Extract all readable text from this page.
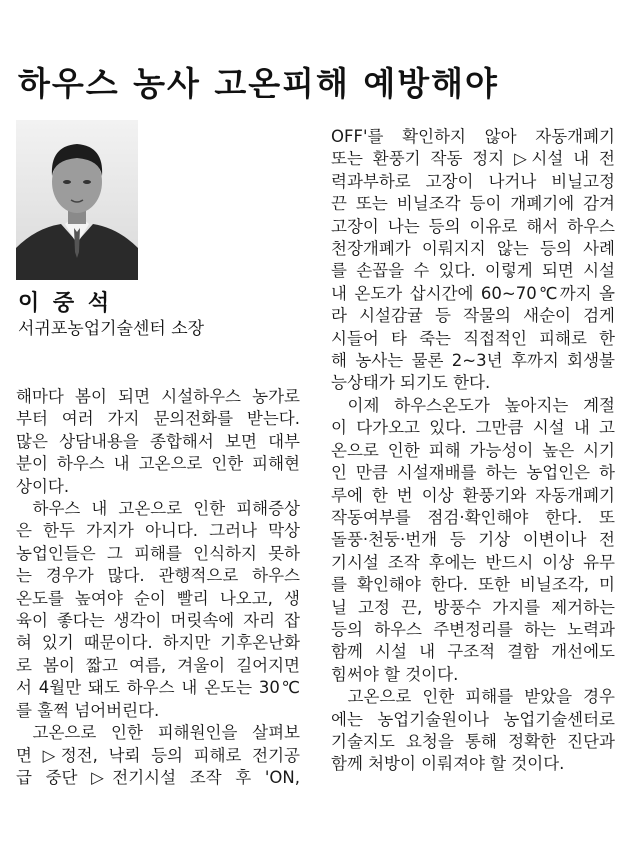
하우스 농사 고온피해 예방해야
이 중 석
서귀포농업기술센터 소장

해마다 봄이 되면 시설하우스 농가로
부터 여러 가지 문의전화를 받는다.
많은 상담내용을 종합해서 보면 대부
분이 하우스 내 고온으로 인한 피해현
상이다.

하우스 내 고온으로 인한 피해증상
은 한두 가지가 아니다. 그러나 막상
농업인들은 그 피해를 인식하지 못하
는 경우가 많다. 관행적으로 하우스
온도를 높여야 순이 빨리 나오고, 생
육이 좋다는 생각이 머릿속에 자리 잡
혀 있기 때문이다. 하지만 기후온난화
로 봄이 짧고 여름, 겨울이 길어지면
서 4월만 돼도 하우스 내 온도는 30℃
를 훌쩍 넘어버린다.

고온으로 인한 피해원인을 살펴보
면 ▷정전, 낙뢰 등의 피해로 전기공
급 중단 ▷전기시설 조작 후 'ON,

OFF'를 확인하지 않아 자동개폐기
또는 환풍기 작동 정지 ▷시설 내 전
력과부하로 고장이 나거나 비닐고정
끈 또는 비닐조각 등이 개폐기에 감겨
고장이 나는 등의 이유로 해서 하우스
천장개폐가 이뤄지지 않는 등의 사례
를 손꼽을 수 있다. 이렇게 되면 시설
내 온도가 삽시간에 60~70℃까지 올
라 시설감귤 등 작물의 새순이 검게
시들어 타 죽는 직접적인 피해로 한
해 농사는 물론 2~3년 후까지 회생불
능상태가 되기도 한다.

이제 하우스온도가 높아지는 계절
이 다가오고 있다. 그만큼 시설 내 고
온으로 인한 피해 가능성이 높은 시기
인 만큼 시설재배를 하는 농업인은 하
루에 한 번 이상 환풍기와 자동개폐기
작동여부를 점검·확인해야 한다. 또
돌풍·천둥·번개 등 기상 이변이나 전
기시설 조작 후에는 반드시 이상 유무
를 확인해야 한다. 또한 비닐조각, 미
닐 고정 끈, 방풍수 가지를 제거하는
등의 하우스 주변정리를 하는 노력과
함께 시설 내 구조적 결함 개선에도
힘써야 할 것이다.

고온으로 인한 피해를 받았을 경우
에는 농업기술원이나 농업기술센터로
기술지도 요청을 통해 정확한 진단과
함께 처방이 이뤄져야 할 것이다.
